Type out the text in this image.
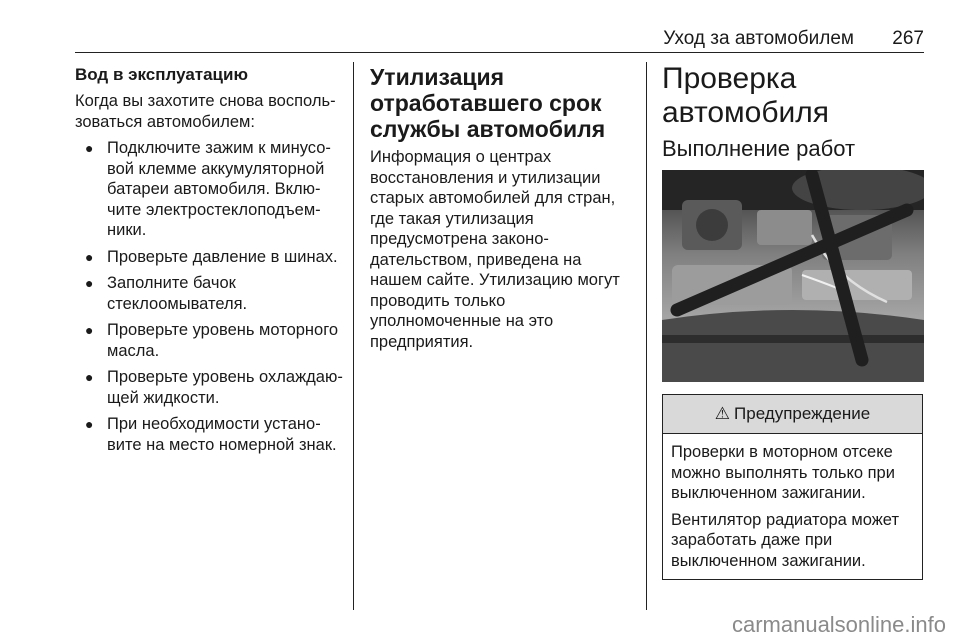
Уход за автомобилем 267
Вод в эксплуатацию

Когда вы захотите снова воспользоваться автомобилем:

● Подключите зажим к минусовой клемме аккумуляторной батареи автомобиля. Включите электростеклоподъемники.
● Проверьте давление в шинах.
● Заполните бачок стеклоомывателя.
● Проверьте уровень моторного масла.
● Проверьте уровень охлаждающей жидкости.
● При необходимости установите на место номерной знак.
Утилизация отработавшего срок службы автомобиля

Информация о центрах восстановления и утилизации старых автомобилей для стран, где такая утилизация предусмотрена законодательством, приведена на нашем сайте. Утилизацию могут проводить только уполномоченные на это предприятия.

Проверка автомобиля
Выполнение работ
⚠ Предупреждение

Проверки в моторном отсеке можно выполнять только при выключенном зажигании.

Вентилятор радиатора может заработать даже при выключенном зажигании.

carmanualsonline.info
